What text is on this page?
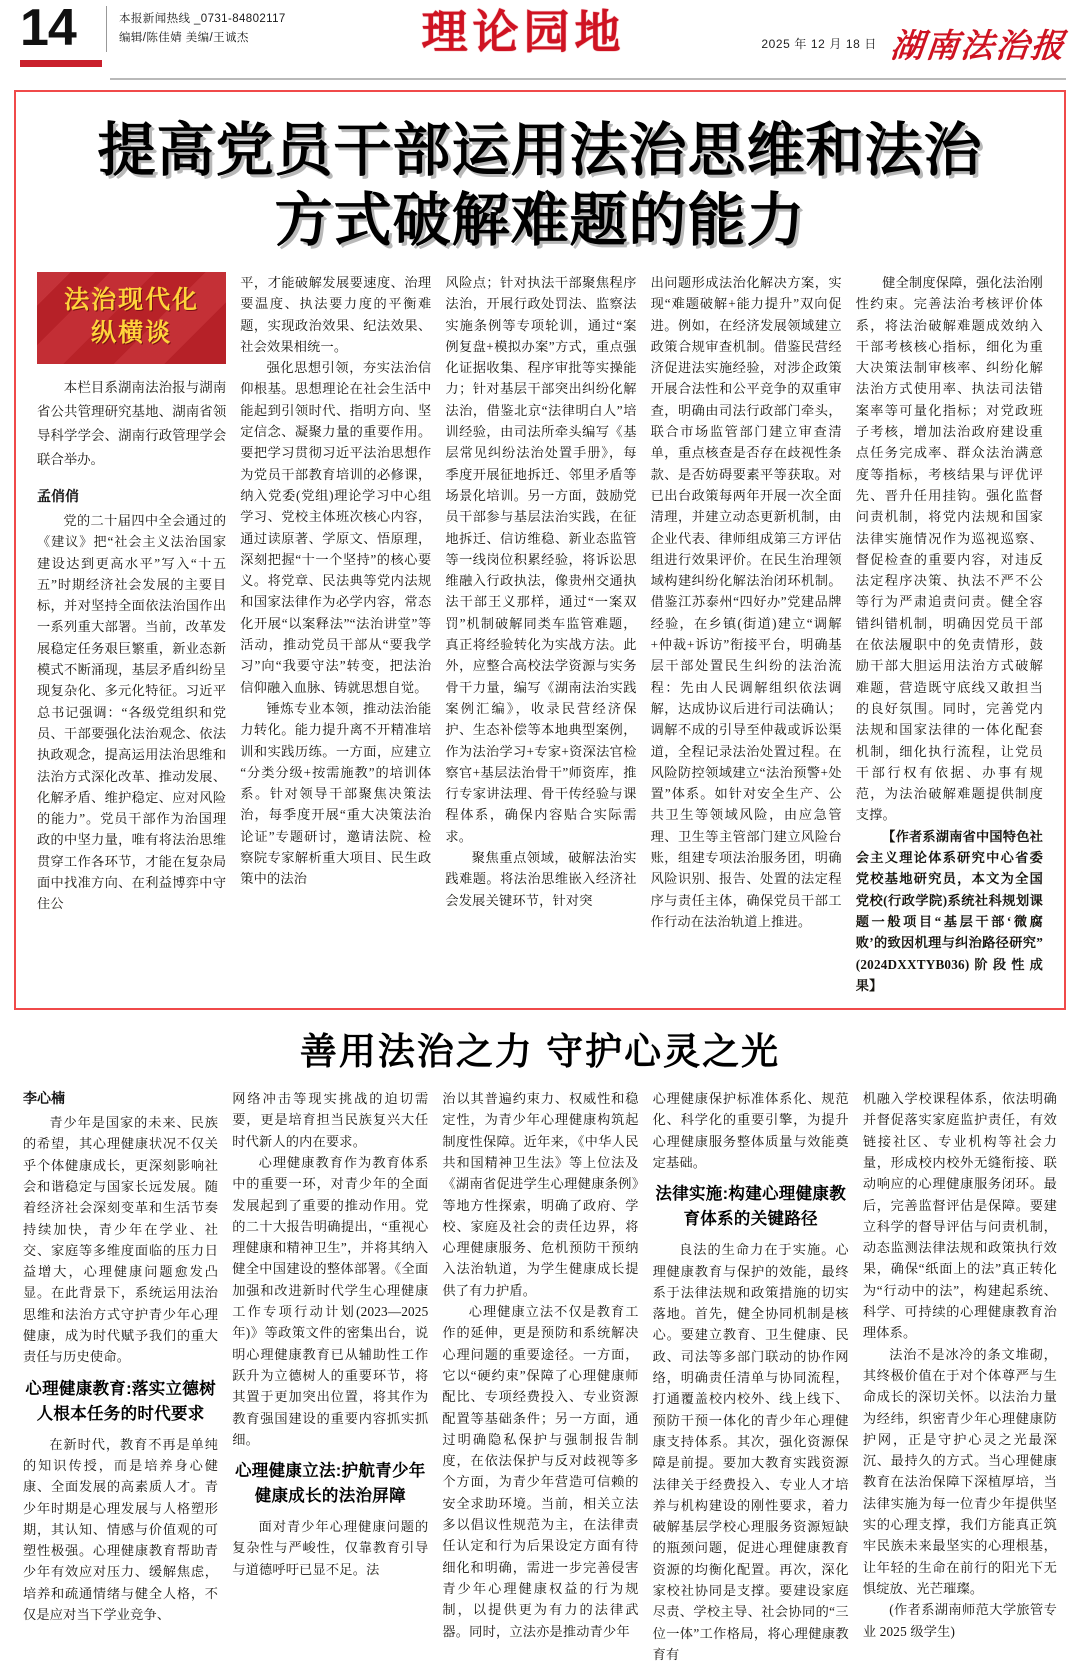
14	本报新闻热线 _0731-84802117
编辑/陈佳婧 美编/王诚杰	理论园地	2025 年 12 月 18 日 湖南法治报
提高党员干部运用法治思维和法治
方式破解难题的能力
法治现代化
纵横谈
本栏目系湖南法治报与湖南省公共管理研究基地、湖南省领导科学学会、湖南行政管理学会联合举办。
孟俏俏

党的二十届四中全会通过的《建议》把“社会主义法治国家建设达到更高水平”写入“十五五”时期经济社会发展的主要目标，并对坚持全面依法治国作出一系列重大部署。当前，改革发展稳定任务艰巨繁重，新业态新模式不断涌现，基层矛盾纠纷呈现复杂化、多元化特征。习近平总书记强调：“各级党组织和党员、干部要强化法治观念、依法执政观念，提高运用法治思维和法治方式深化改革、推动发展、化解矛盾、维护稳定、应对风险的能力”。党员干部作为治国理政的中坚力量，唯有将法治思维贯穿工作各环节，才能在复杂局面中找准方向、在利益博弈中守住公

平，才能破解发展要速度、治理要温度、执法要力度的平衡难题，实现政治效果、纪法效果、社会效果相统一。

强化思想引领，夯实法治信仰根基。思想理论在社会生活中能起到引领时代、指明方向、坚定信念、凝聚力量的重要作用。要把学习贯彻习近平法治思想作为党员干部教育培训的必修课，纳入党委(党组)理论学习中心组学习、党校主体班次核心内容，通过读原著、学原文、悟原理，深刻把握“十一个坚持”的核心要义。将党章、民法典等党内法规和国家法律作为必学内容，常态化开展“以案释法”“法治讲堂”等活动，推动党员干部从“要我学习”向“我要守法”转变，把法治信仰融入血脉、铸就思想自觉。

锤炼专业本领，推动法治能力转化。能力提升离不开精准培训和实践历练。一方面，应建立“分类分级+按需施教”的培训体系。针对领导干部聚焦决策法治，每季度开展“重大决策法治论证”专题研讨，邀请法院、检察院专家解析重大项目、民生政策中的法治

风险点；针对执法干部聚焦程序法治，开展行政处罚法、监察法实施条例等专项轮训，通过“案例复盘+模拟办案”方式，重点强化证据收集、程序审批等实操能力；针对基层干部突出纠纷化解法治，借鉴北京“法律明白人”培训经验，由司法所牵头编写《基层常见纠纷法治处置手册》，每季度开展征地拆迁、邻里矛盾等场景化培训。另一方面，鼓励党员干部参与基层法治实践，在征地拆迁、信访维稳、新业态监管等一线岗位积累经验，将诉讼思维融入行政执法，像贵州交通执法干部王义那样，通过“一案双罚”机制破解同类车监管难题，真正将经验转化为实战方法。此外，应整合高校法学资源与实务骨干力量，编写《湖南法治实践案例汇编》，收录民营经济保护、生态补偿等本地典型案例，作为法治学习+专家+资深法官检察官+基层法治骨干”师资库，推行专家讲法理、骨干传经验与课程体系，确保内容贴合实际需求。

聚焦重点领域，破解法治实践难题。将法治思维嵌入经济社会发展关键环节，针对突

出问题形成法治化解决方案，实现“难题破解+能力提升”双向促进。例如，在经济发展领域建立政策合规审查机制。借鉴民营经济促进法实施经验，对涉企政策开展合法性和公平竞争的双重审查，明确由司法行政部门牵头，联合市场监管部门建立审查清单，重点核查是否存在歧视性条款、是否妨碍要素平等获取。对已出台政策每两年开展一次全面清理，并建立动态更新机制，由企业代表、律师组成第三方评估组进行效果评价。在民生治理领域构建纠纷化解法治闭环机制。借鉴江苏泰州“四好办”党建品牌经验，在乡镇(街道)建立“调解+仲裁+诉访”衔接平台，明确基层干部处置民生纠纷的法治流程：先由人民调解组织依法调解，达成协议后进行司法确认；调解不成的引导至仲裁或诉讼渠道，全程记录法治处置过程。在风险防控领域建立“法治预警+处置”体系。如针对安全生产、公共卫生等领域风险，由应急管理、卫生等主管部门建立风险台账，组建专项法治服务团，明确风险识别、报告、处置的法定程序与责任主体，确保党员干部工作行动在法治轨道上推进。

健全制度保障，强化法治刚性约束。完善法治考核评价体系，将法治破解难题成效纳入干部考核核心指标，细化为重大决策法制审核率、纠纷化解法治方式使用率、执法司法错案率等可量化指标；对党政班子考核，增加法治政府建设重点任务完成率、群众法治满意度等指标，考核结果与评优评先、晋升任用挂钩。强化监督问责机制，将党内法规和国家法律实施情况作为巡视巡察、督促检查的重要内容，对违反法定程序决策、执法不严不公等行为严肃追责问责。健全容错纠错机制，明确因党员干部在依法履职中的免责情形，鼓励干部大胆运用法治方式破解难题，营造既守底线又敢担当的良好氛围。同时，完善党内法规和国家法律的一体化配套机制，细化执行流程，让党员干部行权有依据、办事有规范，为法治破解难题提供制度支撑。

【作者系湖南省中国特色社会主义理论体系研究中心省委党校基地研究员，本文为全国党校(行政学院)系统社科规划课题一般项目“基层干部‘微腐败’的致因机理与纠治路径研究”(2024DXXTYB036)阶段性成果】

善用法治之力 守护心灵之光
李心楠

青少年是国家的未来、民族的希望，其心理健康状况不仅关乎个体健康成长，更深刻影响社会和谐稳定与国家长远发展。随着经济社会深刻变革和生活节奏持续加快，青少年在学业、社交、家庭等多维度面临的压力日益增大，心理健康问题愈发凸显。在此背景下，系统运用法治思维和法治方式守护青少年心理健康，成为时代赋予我们的重大责任与历史使命。

心理健康教育:落实立德树人根本任务的时代要求

在新时代，教育不再是单纯的知识传授，而是培养身心健康、全面发展的高素质人才。青少年时期是心理发展与人格塑形期，其认知、情感与价值观的可塑性极强。心理健康教育帮助青少年有效应对压力、缓解焦虑，培养和疏通情绪与健全人格，不仅是应对当下学业竞争、

网络冲击等现实挑战的迫切需要，更是培育担当民族复兴大任时代新人的内在要求。

心理健康教育作为教育体系中的重要一环，对青少年的全面发展起到了重要的推动作用。党的二十大报告明确提出，“重视心理健康和精神卫生”，并将其纳入健全中国建设的整体部署。《全面加强和改进新时代学生心理健康工作专项行动计划(2023—2025 年)》等政策文件的密集出台，说明心理健康教育已从辅助性工作跃升为立德树人的重要环节，将其置于更加突出位置，将其作为教育强国建设的重要内容抓实抓细。

心理健康立法:护航青少年健康成长的法治屏障

面对青少年心理健康问题的复杂性与严峻性，仅靠教育引导与道德呼吁已显不足。法

治以其普遍约束力、权威性和稳定性，为青少年心理健康构筑起制度性保障。近年来，《中华人民共和国精神卫生法》等上位法及《湖南省促进学生心理健康条例》等地方性探索，明确了政府、学校、家庭及社会的责任边界，将心理健康服务、危机预防干预纳入法治轨道，为学生健康成长提供了有力护盾。

心理健康立法不仅是教育工作的延伸，更是预防和系统解决心理问题的重要途径。一方面，它以“硬约束”保障了心理健康师配比、专项经费投入、专业资源配置等基础条件；另一方面，通过明确隐私保护与强制报告制度，在依法保护与反对歧视等多个方面，为青少年营造可信赖的安全求助环境。当前，相关立法多以倡议性规范为主，在法律责任认定和行为后果设定方面有待细化和明确，需进一步完善侵害青少年心理健康权益的行为规制，以提供更为有力的法律武器。同时，立法亦是推动青少年

心理健康保护标准体系化、规范化、科学化的重要引擎，为提升心理健康服务整体质量与效能奠定基础。

法律实施:构建心理健康教育体系的关键路径

良法的生命力在于实施。心理健康教育与保护的效能，最终系于法律法规和政策措施的切实落地。首先，健全协同机制是核心。要建立教育、卫生健康、民政、司法等多部门联动的协作网络，明确责任清单与协同流程，打通覆盖校内校外、线上线下、预防干预一体化的青少年心理健康支持体系。其次，强化资源保障是前提。要加大教育实践资源法律关于经费投入、专业人才培养与机构建设的刚性要求，着力破解基层学校心理服务资源短缺的瓶颈问题，促进心理健康教育资源的均衡化配置。再次，深化家校社协同是支撑。要建设家庭尽责、学校主导、社会协同的“三位一体”工作格局，将心理健康教育有

机融入学校课程体系，依法明确并督促落实家庭监护责任，有效链接社区、专业机构等社会力量，形成校内校外无缝衔接、联动响应的心理健康服务闭环。最后，完善监督评估是保障。要建立科学的督导评估与问责机制，动态监测法律法规和政策执行效果，确保“纸面上的法”真正转化为“行动中的法”，构建起系统、科学、可持续的心理健康教育治理体系。

法治不是冰冷的条文堆砌，其终极价值在于对个体尊严与生命成长的深切关怀。以法治力量为经纬，织密青少年心理健康防护网，正是守护心灵之光最深沉、最持久的方式。当心理健康教育在法治保障下深植厚培，当法律实施为每一位青少年提供坚实的心理支撑，我们方能真正筑牢民族未来最坚实的心理根基，让年轻的生命在前行的阳光下无惧绽放、光芒璀璨。

(作者系湖南师范大学旅管专业 2025 级学生)
